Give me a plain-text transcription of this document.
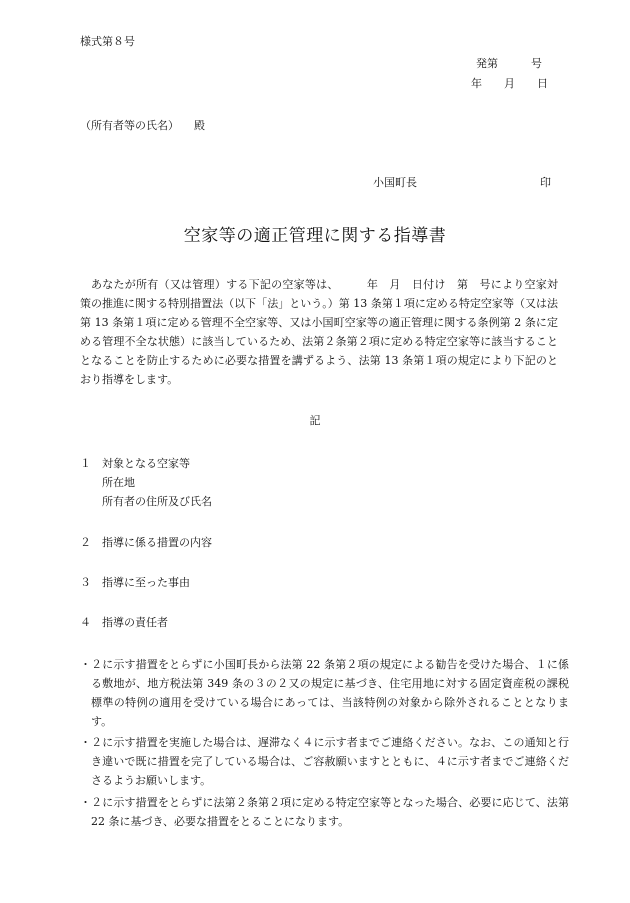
様式第８号
発第　　　号
年　　月　　日
（所有者等の氏名） 殿
小国町長	印
空家等の適正管理に関する指導書
あなたが所有（又は管理）する下記の空家等は、　　　年　月　日付け　第　号により空家対策の推進に関する特別措置法（以下「法」という。）第 13 条第１項に定める特定空家等（又は法第 13 条第１項に定める管理不全空家等、又は小国町空家等の適正管理に関する条例第 2 条に定める管理不全な状態）に該当しているため、法第２条第２項に定める特定空家等に該当することとなることを防止するために必要な措置を講ずるよう、法第 13 条第１項の規定により下記のとおり指導をします。
記
１ 対象となる空家等
所在地
所有者の住所及び氏名
２ 指導に係る措置の内容
３ 指導に至った事由
４ 指導の責任者

・２に示す措置をとらずに小国町長から法第 22 条第２項の規定による勧告を受けた場合、１に係る敷地が、地方税法第 349 条の３の２又の規定に基づき、住宅用地に対する固定資産税の課税標準の特例の適用を受けている場合にあっては、当該特例の対象から除外されることとなります。

・２に示す措置を実施した場合は、遅滞なく４に示す者までご連絡ください。なお、この通知と行き違いで既に措置を完了している場合は、ご容赦願いますとともに、４に示す者までご連絡くださるようお願いします。

・２に示す措置をとらずに法第２条第２項に定める特定空家等となった場合、必要に応じて、法第 22 条に基づき、必要な措置をとることになります。
